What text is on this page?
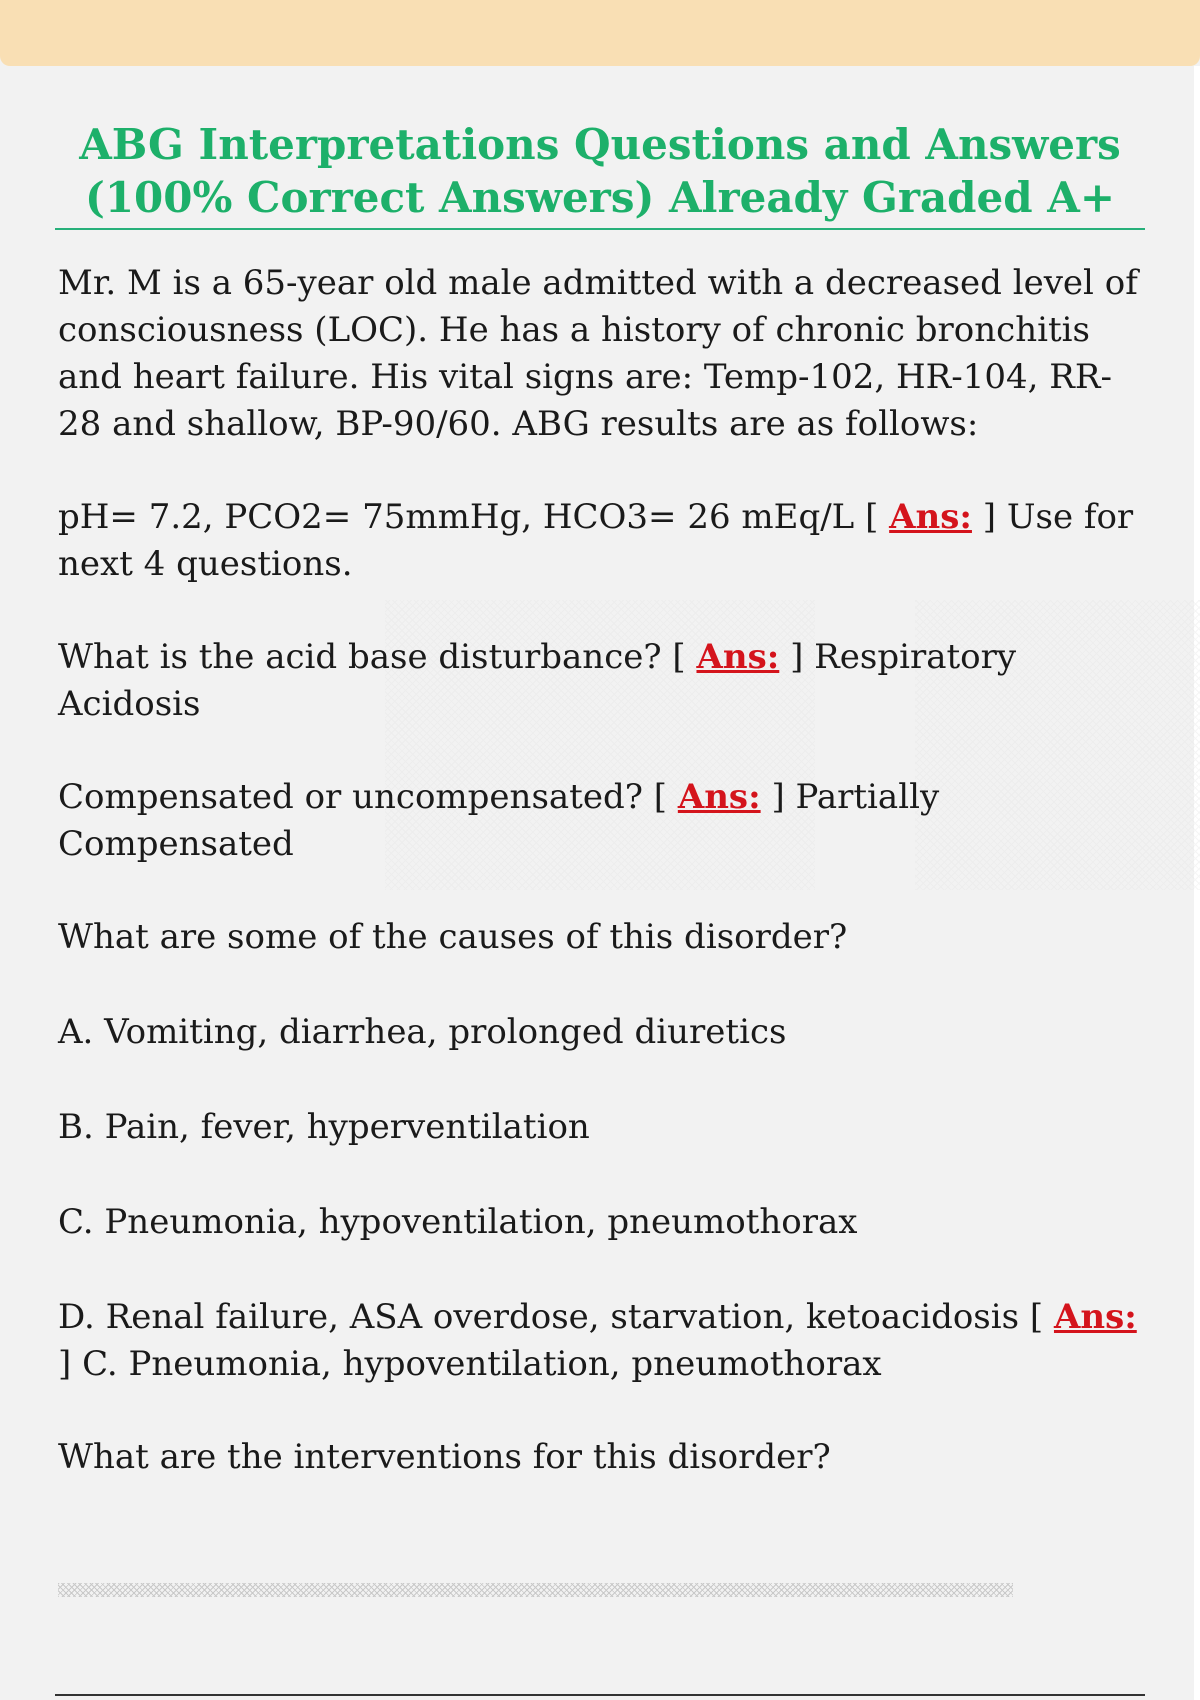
ABG Interpretations Questions and Answers
(100% Correct Answers) Already Graded A+

Mr. M is a 65-year old male admitted with a decreased level of consciousness (LOC). He has a history of chronic bronchitis and heart failure. His vital signs are: Temp-102, HR-104, RR-28 and shallow, BP-90/60. ABG results are as follows:

pH= 7.2, PCO2= 75mmHg, HCO3= 26 mEq/L [ Ans: ] Use for next 4 questions.

What is the acid base disturbance? [ Ans: ] Respiratory Acidosis

Compensated or uncompensated? [ Ans: ] Partially Compensated

What are some of the causes of this disorder?

A. Vomiting, diarrhea, prolonged diuretics

B. Pain, fever, hyperventilation

C. Pneumonia, hypoventilation, pneumothorax

D. Renal failure, ASA overdose, starvation, ketoacidosis [ Ans: ] C. Pneumonia, hypoventilation, pneumothorax

What are the interventions for this disorder?
